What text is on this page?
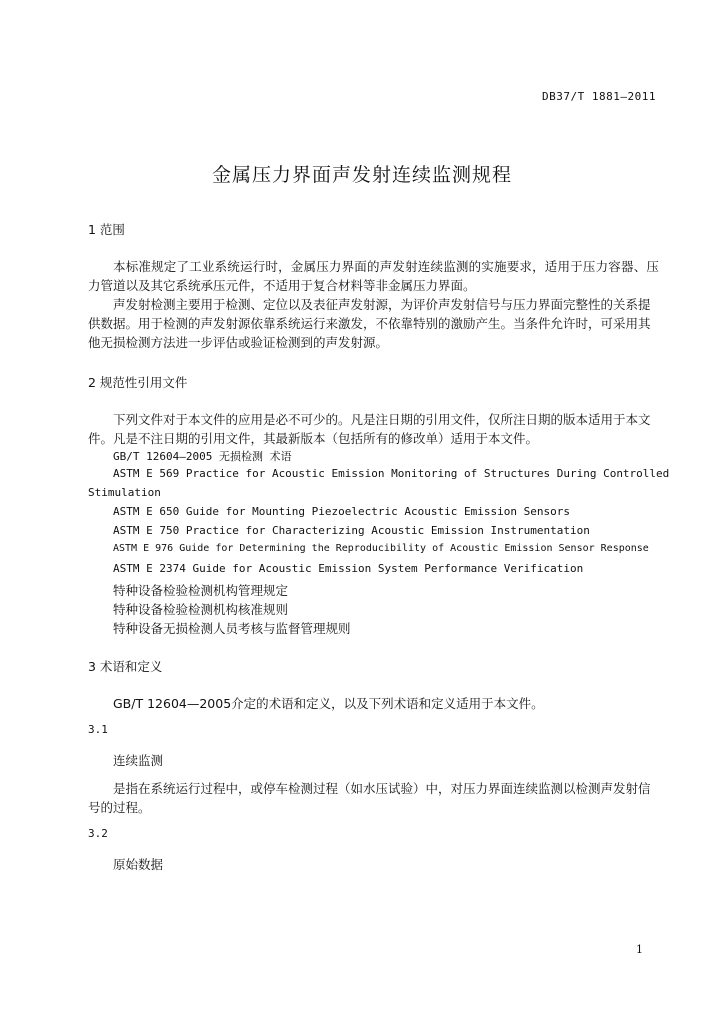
DB37/T 1881—2011
金属压力界面声发射连续监测规程
1 范围
本标准规定了工业系统运行时，金属压力界面的声发射连续监测的实施要求，适用于压力容器、压
力管道以及其它系统承压元件，不适用于复合材料等非金属压力界面。
声发射检测主要用于检测、定位以及表征声发射源，为评价声发射信号与压力界面完整性的关系提
供数据。用于检测的声发射源依靠系统运行来激发，不依靠特别的激励产生。当条件允许时，可采用其
他无损检测方法进一步评估或验证检测到的声发射源。
2 规范性引用文件
下列文件对于本文件的应用是必不可少的。凡是注日期的引用文件，仅所注日期的版本适用于本文
件。凡是不注日期的引用文件，其最新版本（包括所有的修改单）适用于本文件。
GB/T 12604—2005 无损检测 术语
ASTM E 569 Practice for Acoustic Emission Monitoring of Structures During Controlled
Stimulation
ASTM E 650 Guide for Mounting Piezoelectric Acoustic Emission Sensors
ASTM E 750 Practice for Characterizing Acoustic Emission Instrumentation
ASTM E 976 Guide for Determining the Reproducibility of Acoustic Emission Sensor Response
ASTM E 2374 Guide for Acoustic Emission System Performance Verification
特种设备检验检测机构管理规定
特种设备检验检测机构核准规则
特种设备无损检测人员考核与监督管理规则
3 术语和定义
GB/T 12604—2005介定的术语和定义，以及下列术语和定义适用于本文件。
3.1
连续监测
是指在系统运行过程中，或停车检测过程（如水压试验）中，对压力界面连续监测以检测声发射信
号的过程。
3.2
原始数据
1
